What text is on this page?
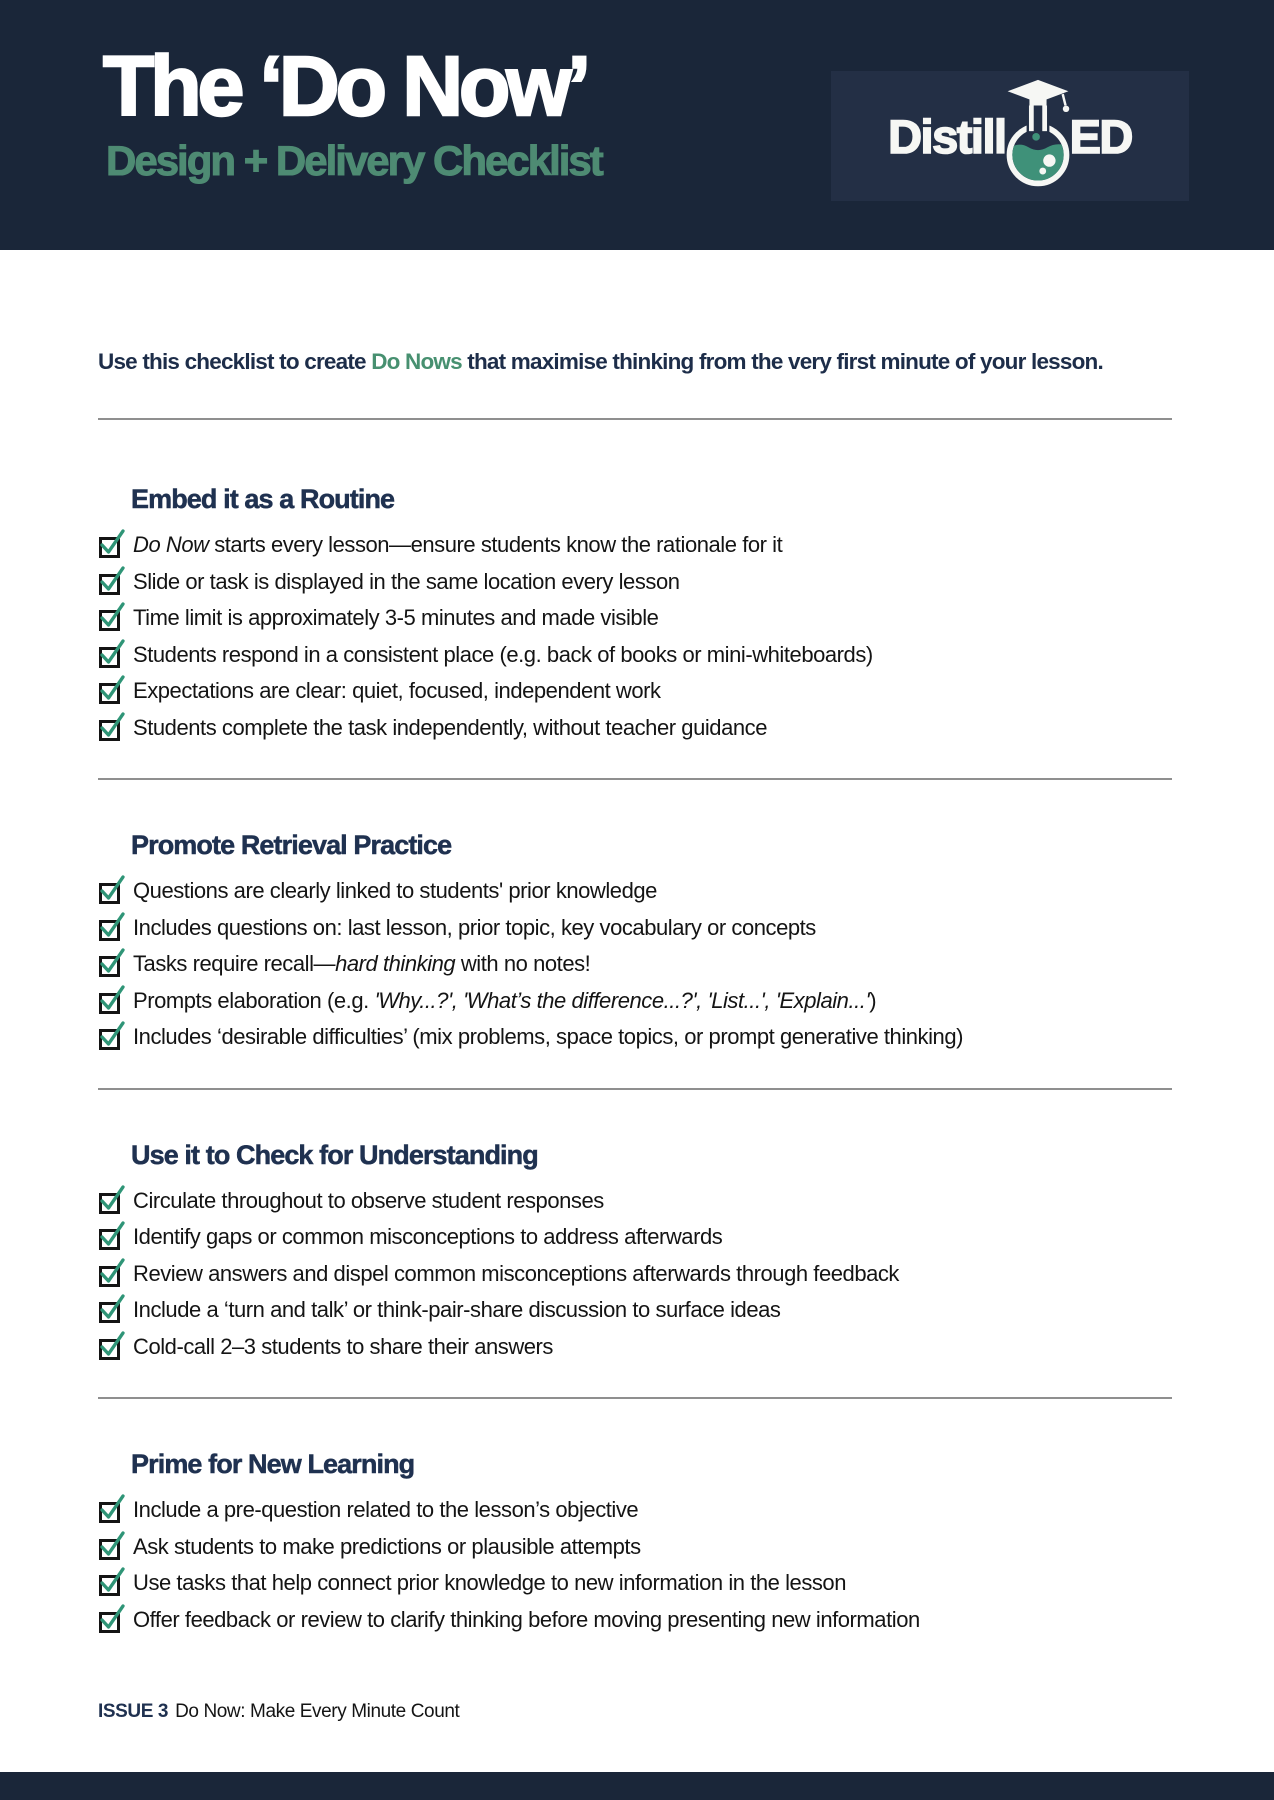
The ‘Do Now’
Design + Delivery Checklist	Distill ED

Use this checklist to create Do Nows that maximise thinking from the very first minute of your lesson.

Embed it as a Routine
Do Now starts every lesson—ensure students know the rationale for it
Slide or task is displayed in the same location every lesson
Time limit is approximately 3-5 minutes and made visible
Students respond in a consistent place (e.g. back of books or mini-whiteboards)
Expectations are clear: quiet, focused, independent work
Students complete the task independently, without teacher guidance
Promote Retrieval Practice
Questions are clearly linked to students' prior knowledge
Includes questions on: last lesson, prior topic, key vocabulary or concepts
Tasks require recall—hard thinking with no notes!
Prompts elaboration (e.g. 'Why...?', 'What’s the difference...?', 'List...', 'Explain...')
Includes ‘desirable difficulties’ (mix problems, space topics, or prompt generative thinking)
Use it to Check for Understanding
Circulate throughout to observe student responses
Identify gaps or common misconceptions to address afterwards
Review answers and dispel common misconceptions afterwards through feedback
Include a ‘turn and talk’ or think-pair-share discussion to surface ideas
Cold-call 2–3 students to share their answers
Prime for New Learning
Include a pre-question related to the lesson’s objective
Ask students to make predictions or plausible attempts
Use tasks that help connect prior knowledge to new information in the lesson
Offer feedback or review to clarify thinking before moving presenting new information

ISSUE 3 Do Now: Make Every Minute Count
